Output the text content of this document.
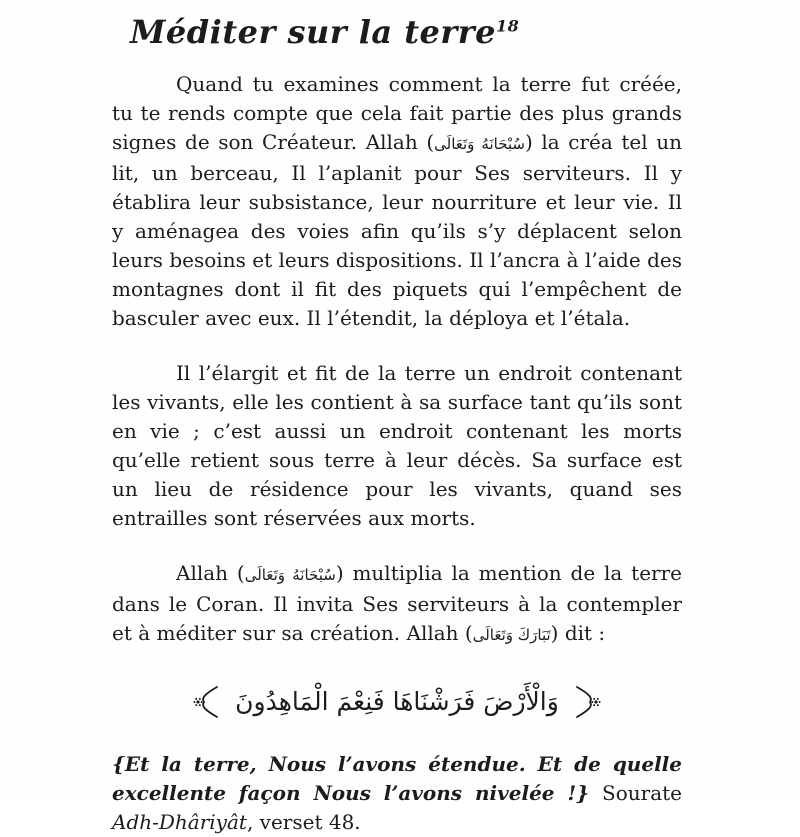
Méditer sur la terre$^{18}$

Quand tu examines comment la terre fut créée, tu te rends compte que cela fait partie des plus grands signes de son Créateur. Allah (سُبْحَانَهُ وَتَعَالَى) la créa tel un lit, un berceau, Il l’aplanit pour Ses serviteurs. Il y établira leur subsistance, leur nourriture et leur vie. Il y aménagea des voies afin qu’ils s’y déplacent selon leurs besoins et leurs dispositions. Il l’ancra à l’aide des montagnes dont il fit des piquets qui l’empêchent de basculer avec eux. Il l’étendit, la déploya et l’étala.

Il l’élargit et fit de la terre un endroit contenant les vivants, elle les contient à sa surface tant qu’ils sont en vie ; c’est aussi un endroit contenant les morts qu’elle retient sous terre à leur décès. Sa surface est un lieu de résidence pour les vivants, quand ses entrailles sont réservées aux morts.

Allah (سُبْحَانَهُ وَتَعَالَى) multiplia la mention de la terre dans le Coran. Il invita Ses serviteurs à la contempler et à méditer sur sa création. Allah (تَبَارَكَ وَتَعَالَى) dit :

وَالْأَرْضَ فَرَشْنَاهَا فَنِعْمَ الْمَاهِدُونَ

{Et la terre, Nous l’avons étendue. Et de quelle excellente façon Nous l’avons nivelée !} Sourate Adh-Dhâriyât, verset 48.
